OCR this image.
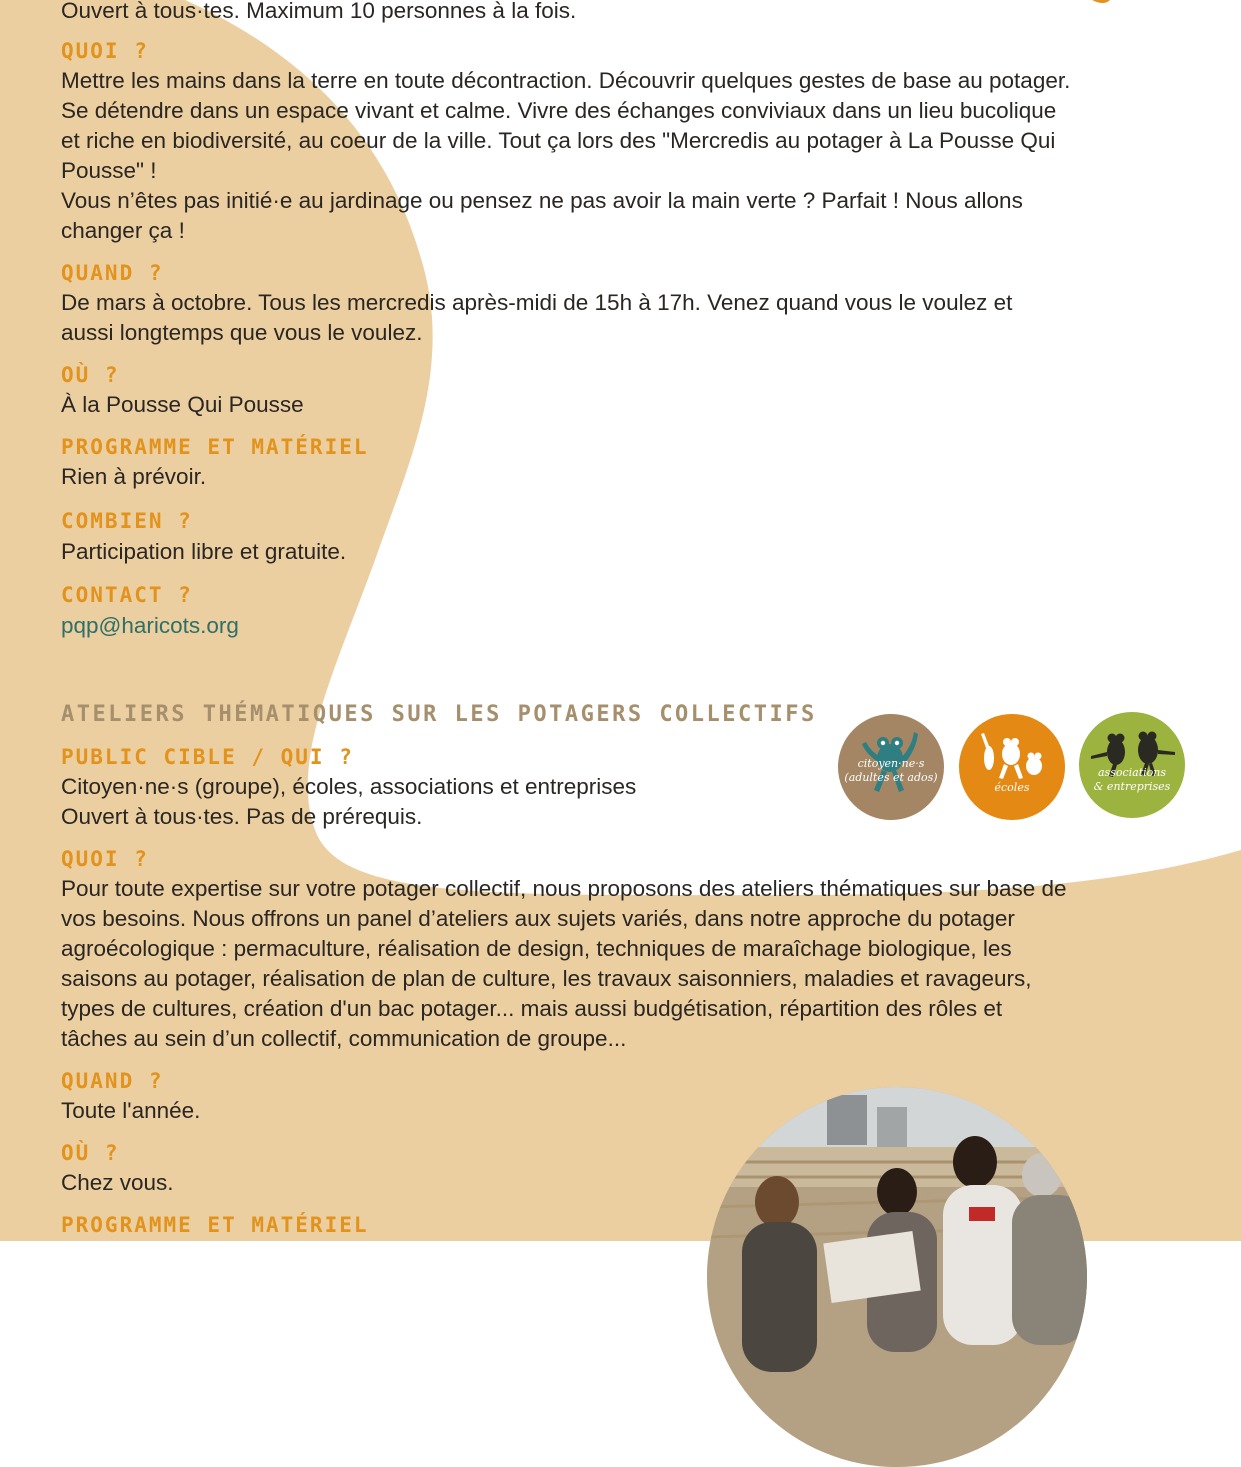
Ouvert à tous·tes. Maximum 10 personnes à la fois.
QUOI ?
Mettre les mains dans la terre en toute décontraction. Découvrir quelques gestes de base au potager.
Se détendre dans un espace vivant et calme. Vivre des échanges conviviaux dans un lieu bucolique
et riche en biodiversité, au coeur de la ville. Tout ça lors des "Mercredis au potager à La Pousse Qui
Pousse" !
Vous n’êtes pas initié·e au jardinage ou pensez ne pas avoir la main verte ? Parfait ! Nous allons
changer ça !
QUAND ?
De mars à octobre. Tous les mercredis après-midi de 15h à 17h. Venez quand vous le voulez et
aussi longtemps que vous le voulez.
OÙ ?
À la Pousse Qui Pousse
PROGRAMME ET MATÉRIEL
Rien à prévoir.
COMBIEN ?
Participation libre et gratuite.
CONTACT ?
pqp@haricots.org
ATELIERS THÉMATIQUES SUR LES POTAGERS COLLECTIFS
PUBLIC CIBLE / QUI ?
Citoyen·ne·s (groupe), écoles, associations et entreprises
Ouvert à tous·tes. Pas de prérequis.
QUOI ?
Pour toute expertise sur votre potager collectif, nous proposons des ateliers thématiques sur base de
vos besoins. Nous offrons un panel d’ateliers aux sujets variés, dans notre approche du potager
agroécologique : permaculture, réalisation de design, techniques de maraîchage biologique, les
saisons au potager, réalisation de plan de culture, les travaux saisonniers, maladies et ravageurs,
types de cultures, création d'un bac potager... mais aussi budgétisation, répartition des rôles et
tâches au sein d’un collectif, communication de groupe...
QUAND ?
Toute l'année.
OÙ ?
Chez vous.
PROGRAMME ET MATÉRIEL
citoyen·ne·s
(adultes et ados)
écoles
associations
& entreprises
